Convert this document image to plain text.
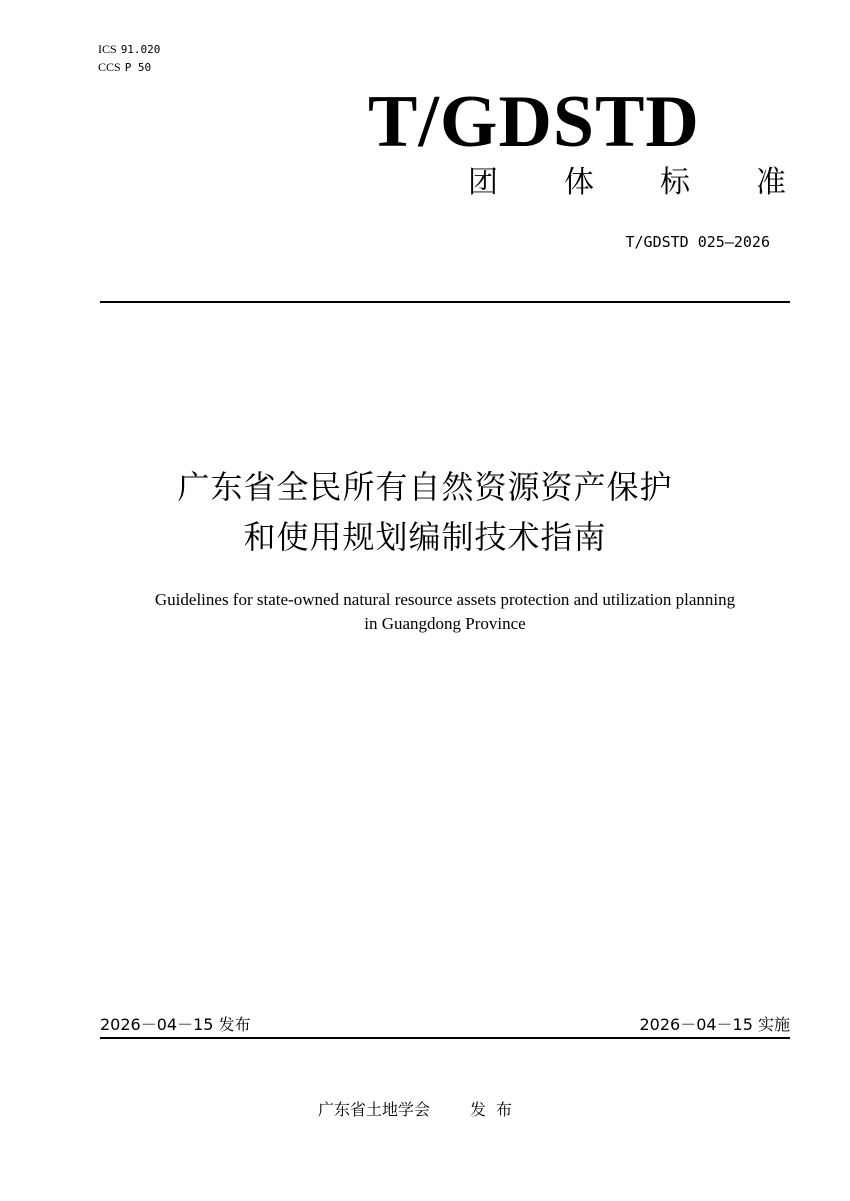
ICS 91.020
CCS P 50
T/GDSTD
团 体 标 准
T/GDSTD 025—2026
广东省全民所有自然资源资产保护
和使用规划编制技术指南
Guidelines for state-owned natural resource assets protection and utilization planning
in Guangdong Province
2026－04－15 发布	2026－04－15 实施
广东省土地学会	发布
